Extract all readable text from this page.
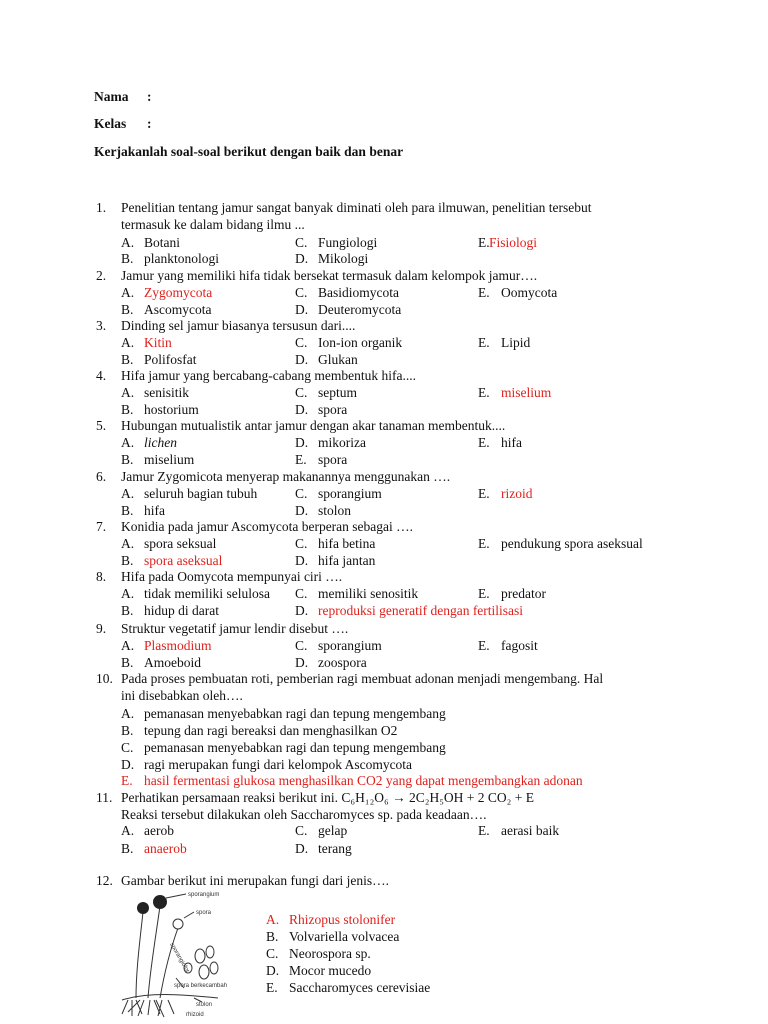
Nama :
Kelas :
Kerjakanlah soal-soal berikut dengan baik dan benar
1. Penelitian tentang jamur sangat banyak diminati oleh para ilmuwan, penelitian tersebut
termasuk ke dalam bidang ilmu ...
A. Botani
B. planktonologi
C. Fungiologi
D. Mikologi
E.Fisiologi
2. Jamur yang memiliki hifa tidak bersekat termasuk dalam kelompok jamur….
A. Zygomycota
B. Ascomycota
C. Basidiomycota
D. Deuteromycota
E. Oomycota
3. Dinding sel jamur biasanya tersusun dari....
A. Kitin
B. Polifosfat
C. Ion-ion organik
D. Glukan
E. Lipid
4. Hifa jamur yang bercabang-cabang membentuk hifa....
A. senisitik
B. hostorium
C. septum
D. spora
E. miselium
5. Hubungan mutualistik antar jamur dengan akar tanaman membentuk....
A. lichen
B. miselium
D. mikoriza
E. spora
E. hifa
6. Jamur Zygomicota menyerap makanannya menggunakan ….
A. seluruh bagian tubuh
B. hifa
C. sporangium
D. stolon
E. rizoid
7. Konidia pada jamur Ascomycota berperan sebagai ….
A. spora seksual
B. spora aseksual
C. hifa betina
D. hifa jantan
E. pendukung spora aseksual
8. Hifa pada Oomycota mempunyai ciri ….
A. tidak memiliki selulosa
B. hidup di darat
C. memiliki senositik
D. reproduksi generatif dengan fertilisasi
E. predator
9. Struktur vegetatif jamur lendir disebut ….
A. Plasmodium
B. Amoeboid
C. sporangium
D. zoospora
E. fagosit
10. Pada proses pembuatan roti, pemberian ragi membuat adonan menjadi mengembang. Hal
ini disebabkan oleh….
A. pemanasan menyebabkan ragi dan tepung mengembang
B. tepung dan ragi bereaksi dan menghasilkan O2
C. pemanasan menyebabkan ragi dan tepung mengembang
D. ragi merupakan fungi dari kelompok Ascomycota
E. hasil fermentasi glukosa menghasilkan CO2 yang dapat mengembangkan adonan
11. Perhatikan persamaan reaksi berikut ini. C₆H₁₂O₆ → 2C₂H₅OH + 2 CO₂ + E
Reaksi tersebut dilakukan oleh Saccharomyces sp. pada keadaan….
A. aerob
B. anaerob
C. gelap
D. terang
E. aerasi baik
12. Gambar berikut ini merupakan fungi dari jenis….
A. Rhizopus stolonifer
B. Volvariella volvacea
C. Neorospora sp.
D. Mocor mucedo
E. Saccharomyces cerevisiae
sporangium
spora
sporangiofor
spora berkecambah
stolon
rhizoid
